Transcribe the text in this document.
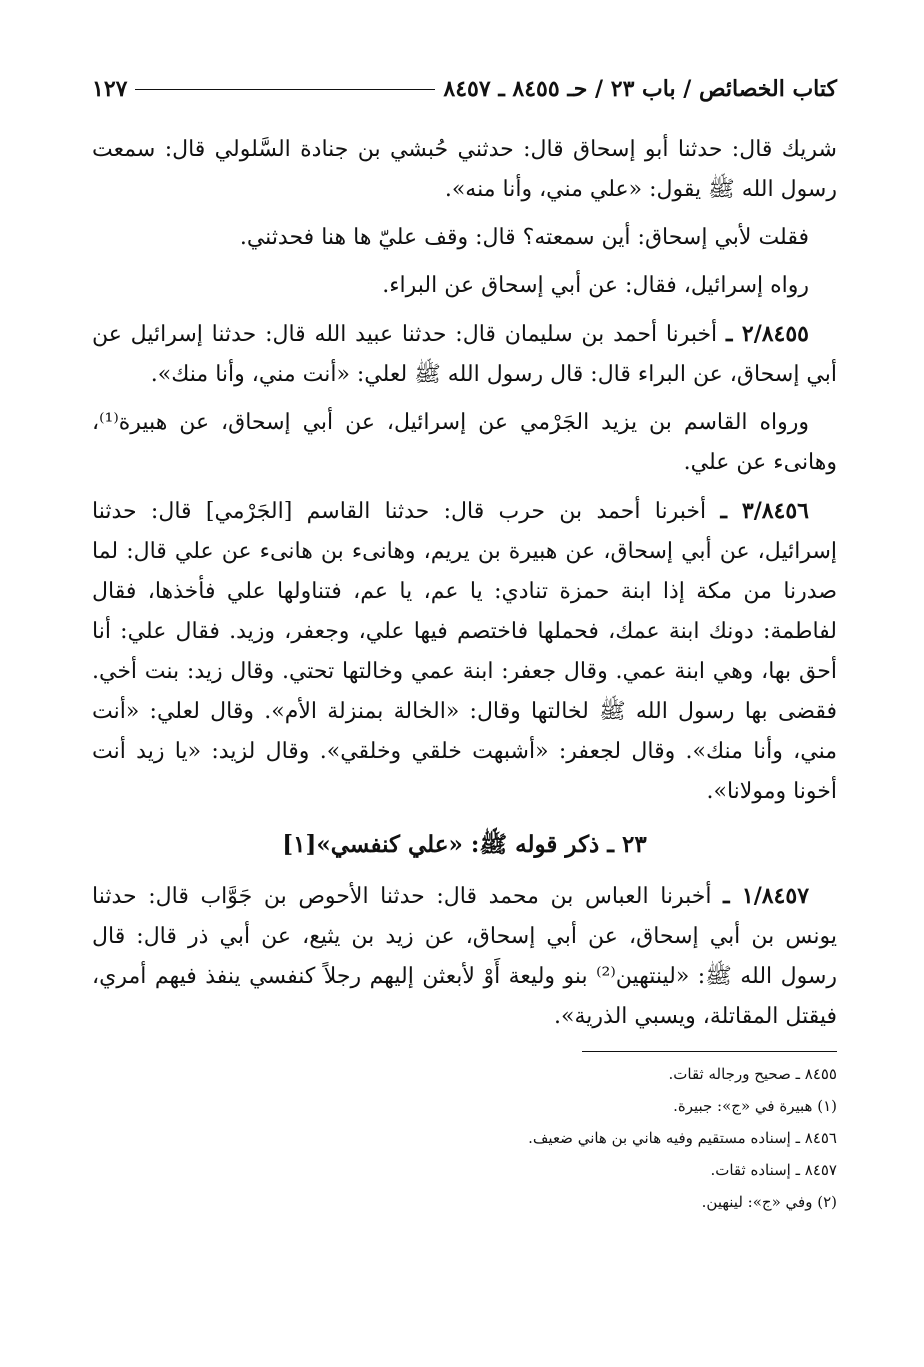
كتاب الخصائص / باب ٢٣ / حـ ٨٤٥٥ ـ ٨٤٥٧
١٢٧

شريك قال: حدثنا أبو إسحاق قال: حدثني حُبشي بن جنادة السَّلولي قال: سمعت رسول الله ﷺ يقول: «علي مني، وأنا منه».

فقلت لأبي إسحاق: أين سمعته؟ قال: وقف عليّ ها هنا فحدثني.

رواه إسرائيل، فقال: عن أبي إسحاق عن البراء.

٢/٨٤٥٥ ـ أخبرنا أحمد بن سليمان قال: حدثنا عبيد الله قال: حدثنا إسرائيل عن أبي إسحاق، عن البراء قال: قال رسول الله ﷺ لعلي: «أنت مني، وأنا منك».

ورواه القاسم بن يزيد الجَرْمي عن إسرائيل، عن أبي إسحاق، عن هبيرة⁽¹⁾، وهانىء عن علي.

٣/٨٤٥٦ ـ أخبرنا أحمد بن حرب قال: حدثنا القاسم [الجَرْمي] قال: حدثنا إسرائيل، عن أبي إسحاق، عن هبيرة بن يريم، وهانىء بن هانىء عن علي قال: لما صدرنا من مكة إذا ابنة حمزة تنادي: يا عم، يا عم، فتناولها علي فأخذها، فقال لفاطمة: دونك ابنة عمك، فحملها فاختصم فيها علي، وجعفر، وزيد. فقال علي: أنا أحق بها، وهي ابنة عمي. وقال جعفر: ابنة عمي وخالتها تحتي. وقال زيد: بنت أخي. فقضى بها رسول الله ﷺ لخالتها وقال: «الخالة بمنزلة الأم». وقال لعلي: «أنت مني، وأنا منك». وقال لجعفر: «أشبهت خلقي وخلقي». وقال لزيد: «يا زيد أنت أخونا ومولانا».

٢٣ ـ ذكر قوله ﷺ: «علي كنفسي»[١]

١/٨٤٥٧ ـ أخبرنا العباس بن محمد قال: حدثنا الأحوص بن جَوَّاب قال: حدثنا يونس بن أبي إسحاق، عن أبي إسحاق، عن زيد بن يثيع، عن أبي ذر قال: قال رسول الله ﷺ: «لينتهين⁽²⁾ بنو وليعة أَوْ لأبعثن إليهم رجلاً كنفسي ينفذ فيهم أمري، فيقتل المقاتلة، ويسبي الذرية».

٨٤٥٥ ـ صحيح ورجاله ثقات.

(١) هبيرة في «ج»: جبيرة.

٨٤٥٦ ـ إسناده مستقيم وفيه هاني بن هاني ضعيف.

٨٤٥٧ ـ إسناده ثقات.

(٢) وفي «ج»: لينهين.
